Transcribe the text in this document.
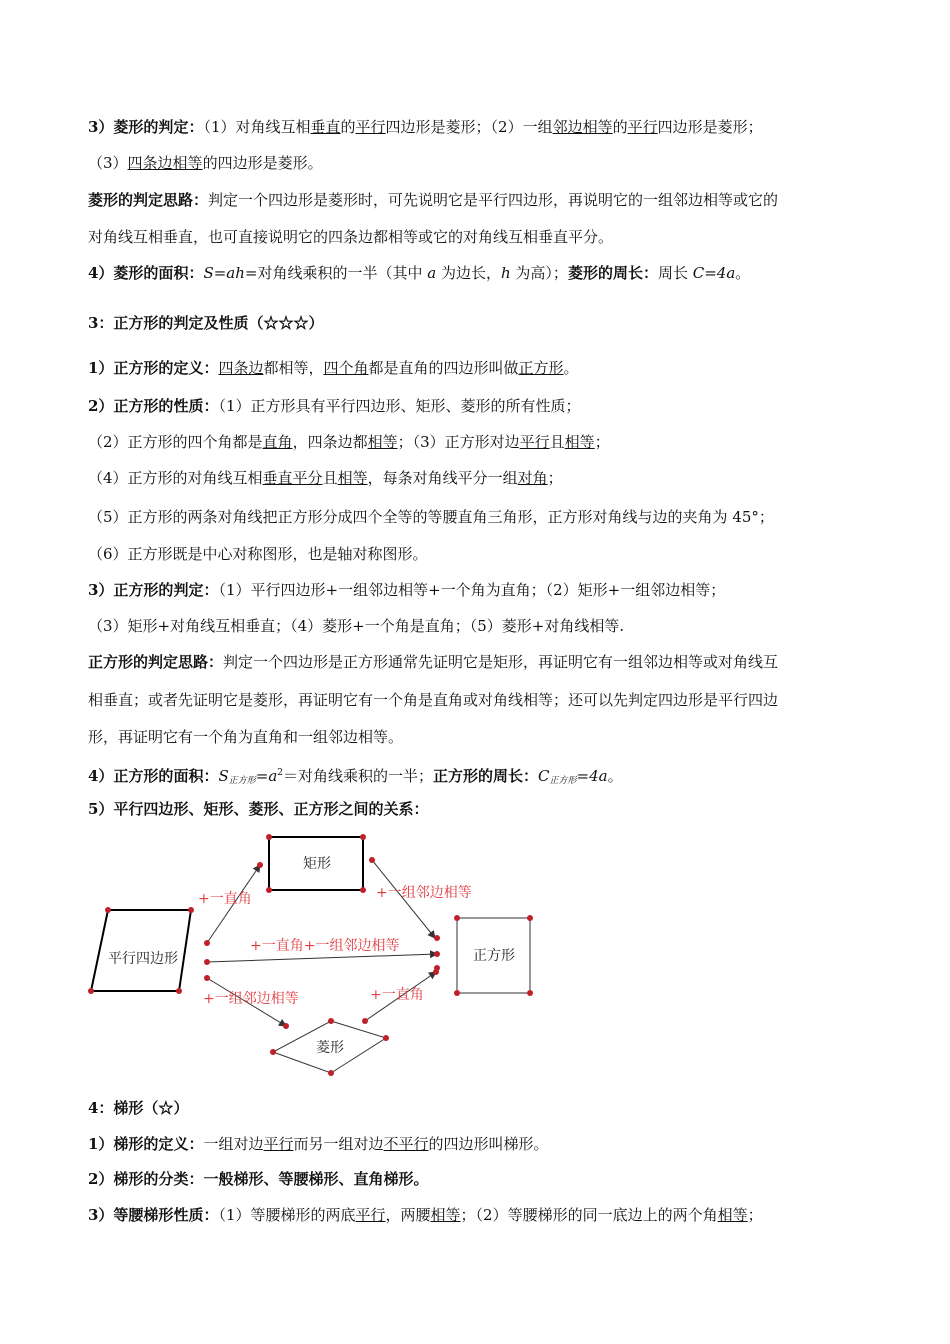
3）菱形的判定：（1）对角线互相垂直的平行四边形是菱形；（2）一组邻边相等的平行四边形是菱形；
（3）四条边相等的四边形是菱形。
菱形的判定思路：判定一个四边形是菱形时，可先说明它是平行四边形，再说明它的一组邻边相等或它的
对角线互相垂直，也可直接说明它的四条边都相等或它的对角线互相垂直平分。
4）菱形的面积：S=ah=对角线乘积的一半（其中 a 为边长，h 为高）；菱形的周长：周长 C=4a。
3：正方形的判定及性质（☆☆☆）
1）正方形的定义：四条边都相等，四个角都是直角的四边形叫做正方形。
2）正方形的性质：（1）正方形具有平行四边形、矩形、菱形的所有性质；
（2）正方形的四个角都是直角，四条边都相等；（3）正方形对边平行且相等；
（4）正方形的对角线互相垂直平分且相等，每条对角线平分一组对角；
（5）正方形的两条对角线把正方形分成四个全等的等腰直角三角形，正方形对角线与边的夹角为 45°；
（6）正方形既是中心对称图形，也是轴对称图形。
3）正方形的判定：（1）平行四边形+一组邻边相等+一个角为直角；（2）矩形+一组邻边相等；
（3）矩形+对角线互相垂直；（4）菱形+一个角是直角；（5）菱形+对角线相等.
正方形的判定思路：判定一个四边形是正方形通常先证明它是矩形，再证明它有一组邻边相等或对角线互
相垂直；或者先证明它是菱形，再证明它有一个角是直角或对角线相等；还可以先判定四边形是平行四边
形，再证明它有一个角为直角和一组邻边相等。
4）正方形的面积：$S_{正方形}=a^2=$对角线乘积的一半；正方形的周长：$C_{正方形}=4a$。
5）平行四边形、矩形、菱形、正方形之间的关系：
平行四边形
矩形
正方形
菱形
+一直角	+一组邻边相等
+一直角+一组邻边相等
+一组邻边相等	+一直角
4：梯形（☆）
1）梯形的定义：一组对边平行而另一组对边不平行的四边形叫梯形。
2）梯形的分类：一般梯形、等腰梯形、直角梯形。
3）等腰梯形性质：（1）等腰梯形的两底平行，两腰相等；（2）等腰梯形的同一底边上的两个角相等；
